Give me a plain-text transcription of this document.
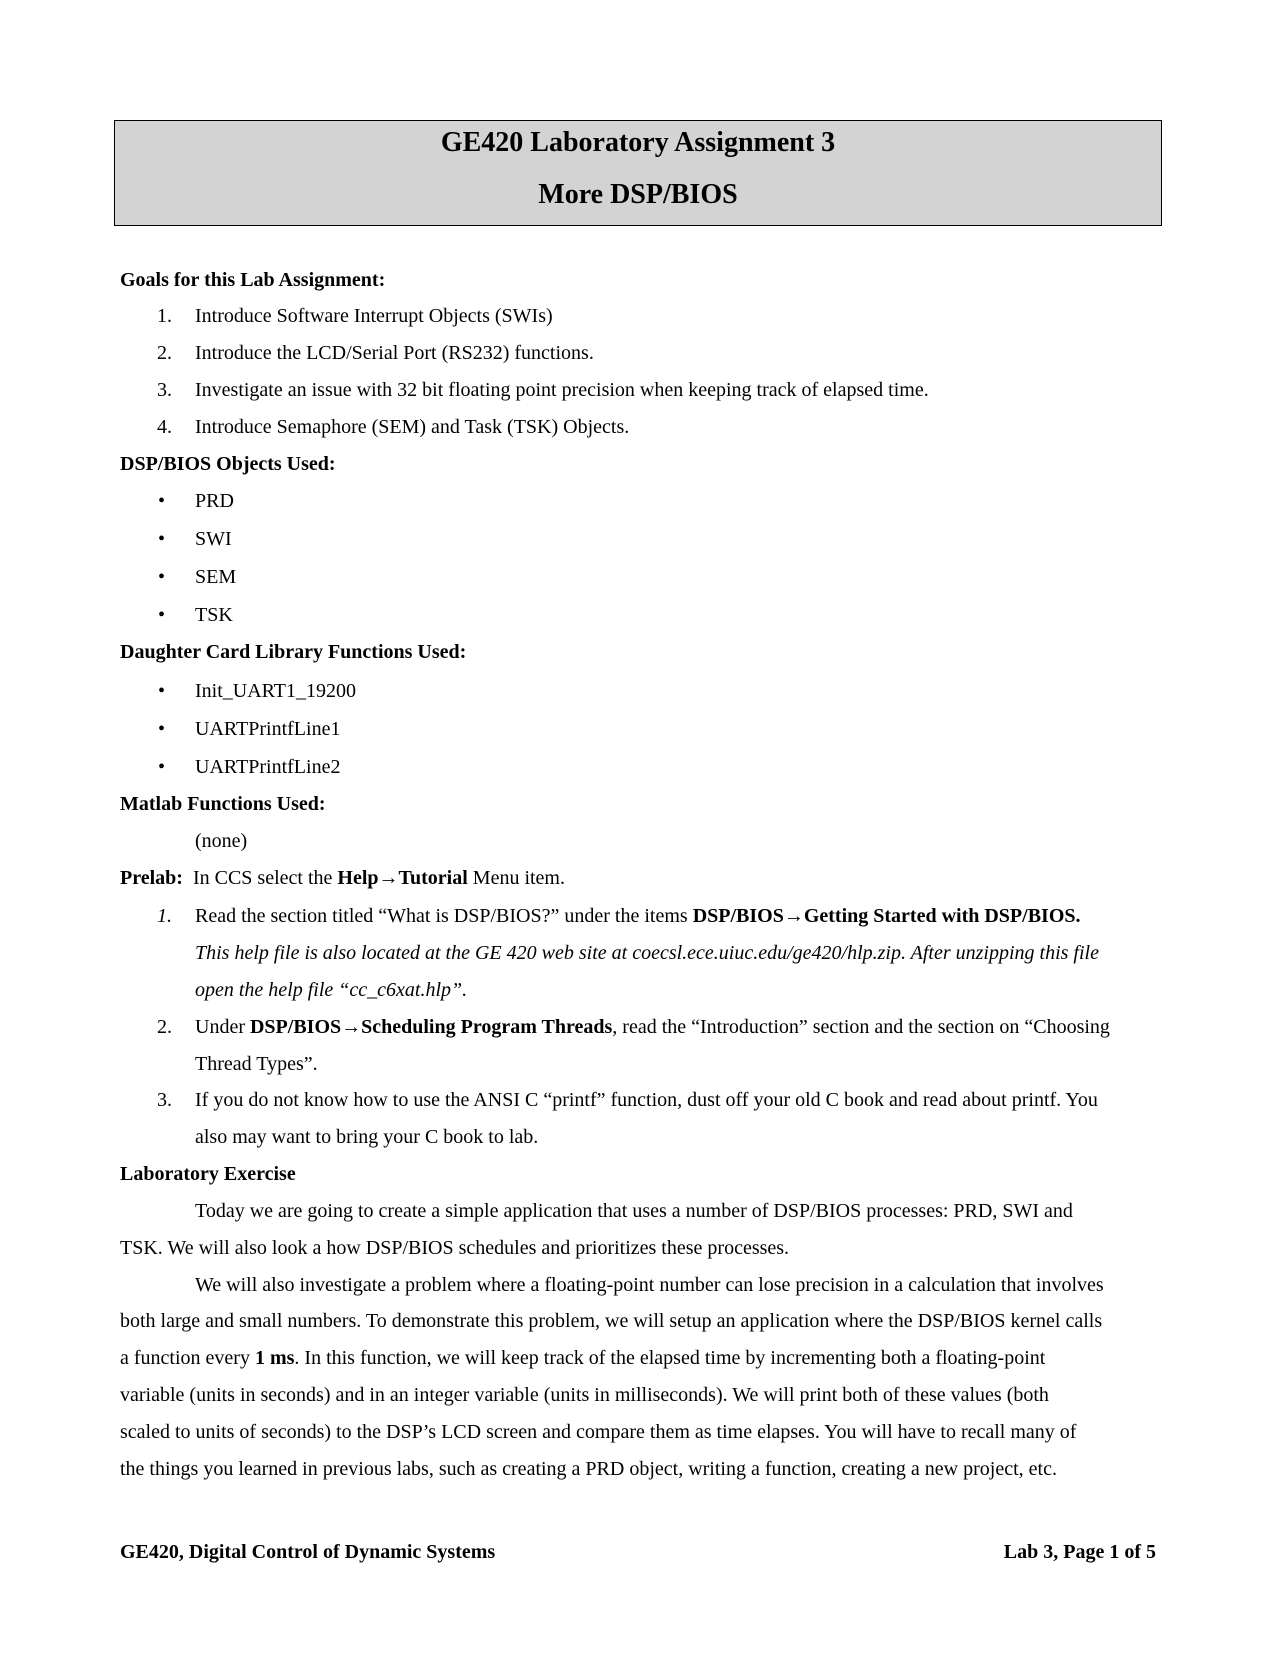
GE420 Laboratory Assignment 3
More DSP/BIOS
Goals for this Lab Assignment:
1. Introduce Software Interrupt Objects (SWIs)
2. Introduce the LCD/Serial Port (RS232) functions.
3. Investigate an issue with 32 bit floating point precision when keeping track of elapsed time.
4. Introduce Semaphore (SEM) and Task (TSK) Objects.
DSP/BIOS Objects Used:
• PRD
• SWI
• SEM
• TSK
Daughter Card Library Functions Used:
• Init_UART1_19200
• UARTPrintfLine1
• UARTPrintfLine2
Matlab Functions Used:
(none)
Prelab: In CCS select the Help→Tutorial Menu item.
1. Read the section titled “What is DSP/BIOS?” under the items DSP/BIOS→Getting Started with DSP/BIOS.
This help file is also located at the GE 420 web site at coecsl.ece.uiuc.edu/ge420/hlp.zip. After unzipping this file
open the help file “cc_c6xat.hlp”.
2. Under DSP/BIOS→Scheduling Program Threads, read the “Introduction” section and the section on “Choosing
Thread Types”.
3. If you do not know how to use the ANSI C “printf” function, dust off your old C book and read about printf. You
also may want to bring your C book to lab.
Laboratory Exercise
Today we are going to create a simple application that uses a number of DSP/BIOS processes: PRD, SWI and
TSK. We will also look a how DSP/BIOS schedules and prioritizes these processes.
We will also investigate a problem where a floating-point number can lose precision in a calculation that involves
both large and small numbers. To demonstrate this problem, we will setup an application where the DSP/BIOS kernel calls
a function every 1 ms. In this function, we will keep track of the elapsed time by incrementing both a floating-point
variable (units in seconds) and in an integer variable (units in milliseconds). We will print both of these values (both
scaled to units of seconds) to the DSP’s LCD screen and compare them as time elapses. You will have to recall many of
the things you learned in previous labs, such as creating a PRD object, writing a function, creating a new project, etc.
GE420, Digital Control of Dynamic Systems	Lab 3, Page 1 of 5
